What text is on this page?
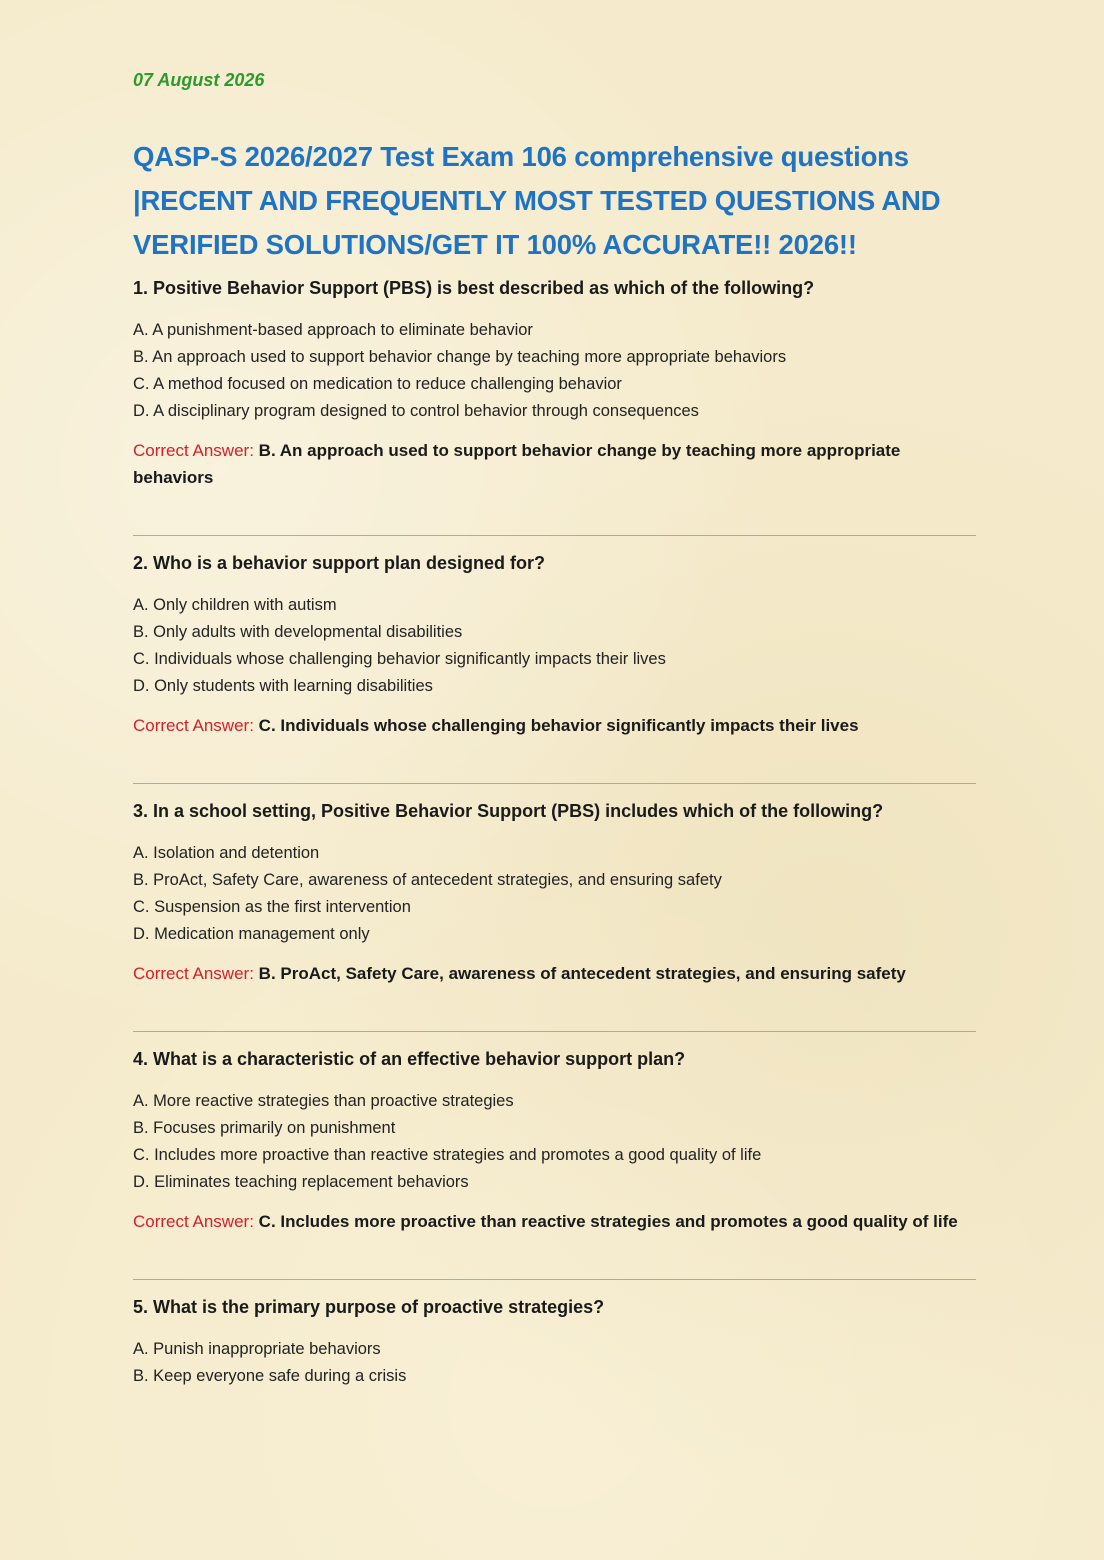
07 August 2026

QASP-S 2026/2027 Test Exam 106 comprehensive questions |RECENT AND FREQUENTLY MOST TESTED QUESTIONS AND VERIFIED SOLUTIONS/GET IT 100% ACCURATE!! 2026!!

1. Positive Behavior Support (PBS) is best described as which of the following?

A. A punishment-based approach to eliminate behavior
B. An approach used to support behavior change by teaching more appropriate behaviors
C. A method focused on medication to reduce challenging behavior
D. A disciplinary program designed to control behavior through consequences

Correct Answer: B. An approach used to support behavior change by teaching more appropriate behaviors

2. Who is a behavior support plan designed for?

A. Only children with autism
B. Only adults with developmental disabilities
C. Individuals whose challenging behavior significantly impacts their lives
D. Only students with learning disabilities

Correct Answer: C. Individuals whose challenging behavior significantly impacts their lives

3. In a school setting, Positive Behavior Support (PBS) includes which of the following?

A. Isolation and detention
B. ProAct, Safety Care, awareness of antecedent strategies, and ensuring safety
C. Suspension as the first intervention
D. Medication management only

Correct Answer: B. ProAct, Safety Care, awareness of antecedent strategies, and ensuring safety

4. What is a characteristic of an effective behavior support plan?

A. More reactive strategies than proactive strategies
B. Focuses primarily on punishment
C. Includes more proactive than reactive strategies and promotes a good quality of life
D. Eliminates teaching replacement behaviors

Correct Answer: C. Includes more proactive than reactive strategies and promotes a good quality of life

5. What is the primary purpose of proactive strategies?

A. Punish inappropriate behaviors
B. Keep everyone safe during a crisis
